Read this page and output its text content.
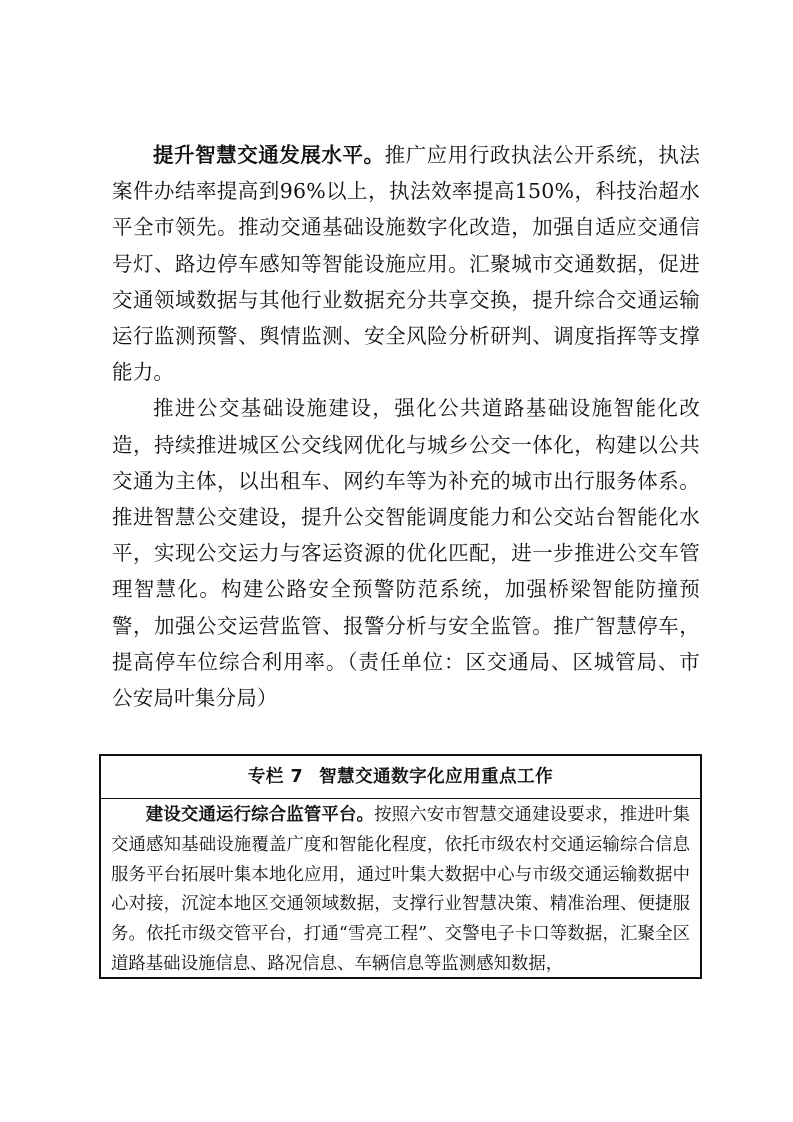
提升智慧交通发展水平。推广应用行政执法公开系统，执法案件办结率提高到96%以上，执法效率提高150%，科技治超水平全市领先。推动交通基础设施数字化改造，加强自适应交通信号灯、路边停车感知等智能设施应用。汇聚城市交通数据，促进交通领域数据与其他行业数据充分共享交换，提升综合交通运输运行监测预警、舆情监测、安全风险分析研判、调度指挥等支撑能力。

推进公交基础设施建设，强化公共道路基础设施智能化改造，持续推进城区公交线网优化与城乡公交一体化，构建以公共交通为主体，以出租车、网约车等为补充的城市出行服务体系。推进智慧公交建设，提升公交智能调度能力和公交站台智能化水平，实现公交运力与客运资源的优化匹配，进一步推进公交车管理智慧化。构建公路安全预警防范系统，加强桥梁智能防撞预警，加强公交运营监管、报警分析与安全监管。推广智慧停车，提高停车位综合利用率。（责任单位：区交通局、区城管局、市公安局叶集分局）

专栏 7 智慧交通数字化应用重点工作

建设交通运行综合监管平台。按照六安市智慧交通建设要求，推进叶集交通感知基础设施覆盖广度和智能化程度，依托市级农村交通运输综合信息服务平台拓展叶集本地化应用，通过叶集大数据中心与市级交通运输数据中心对接，沉淀本地区交通领域数据，支撑行业智慧决策、精准治理、便捷服务。依托市级交管平台，打通“雪亮工程”、交警电子卡口等数据，汇聚全区道路基础设施信息、路况信息、车辆信息等监测感知数据，
